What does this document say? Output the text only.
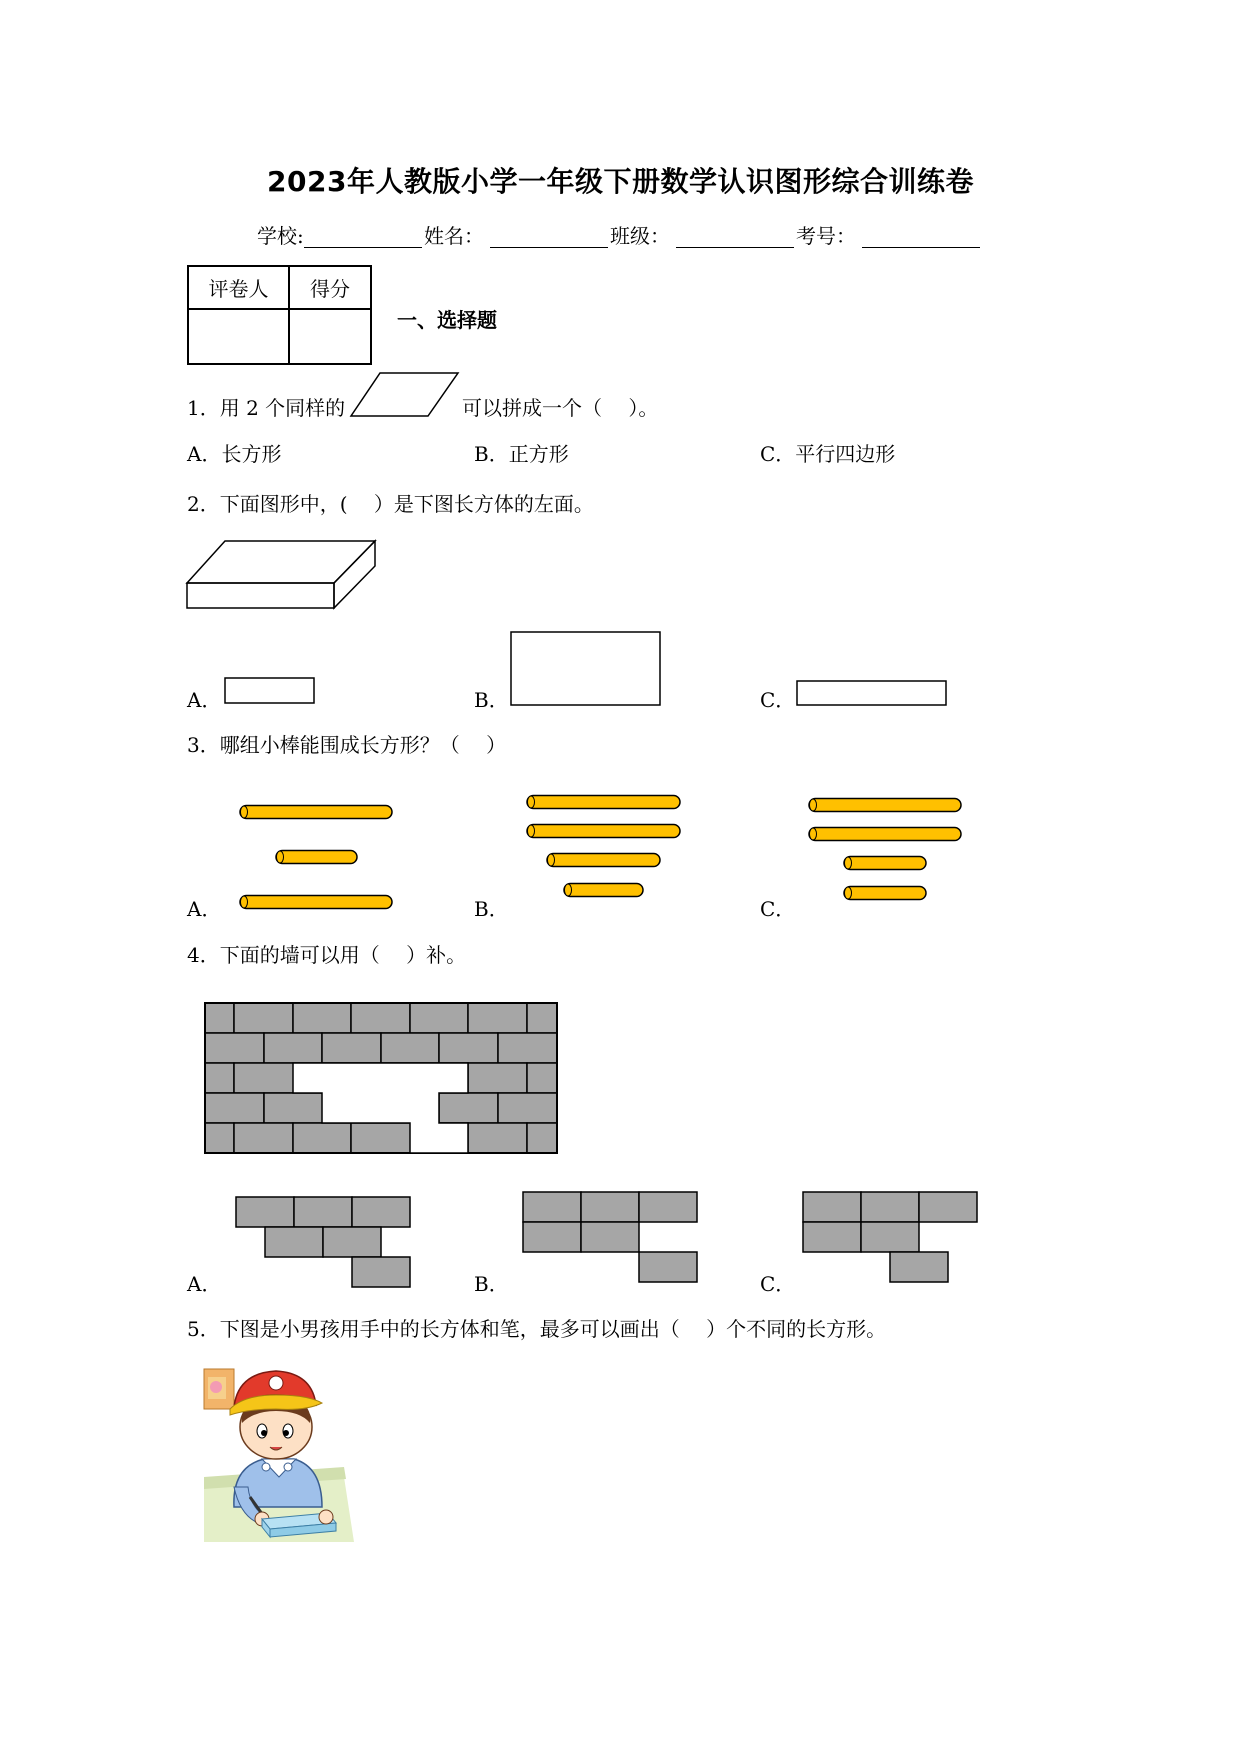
2023年人教版小学一年级下册数学认识图形综合训练卷
学校:	姓名：	班级：	考号：
评卷人	得分

一、选择题
1．用 2 个同样的	可以拼成一个（　 ）。
A．长方形	B．正方形	C．平行四边形
2．下面图形中，(　 ）是下图长方体的左面。
A．	B．	C．
3．哪组小棒能围成长方形？（　 ）
A．	B．	C．
4．下面的墙可以用（　 ）补。
A．	B．	C．
5．下图是小男孩用手中的长方体和笔，最多可以画出（　 ）个不同的长方形。
